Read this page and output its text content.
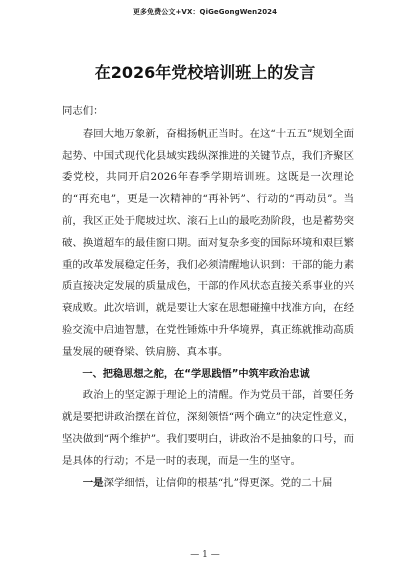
更多免费公文+VX：QiGeGongWen2024
在2026年党校培训班上的发言

同志们：

春回大地万象新，奋楫扬帆正当时。在这“十五五”规划全面起势、中国式现代化县域实践纵深推进的关键节点，我们齐聚区委党校，共同开启2026年春季学期培训班。这既是一次理论的“再充电”，更是一次精神的“再补钙”、行动的“再动员”。当前，我区正处于爬坡过坎、滚石上山的最吃劲阶段，也是蓄势突破、换道超车的最佳窗口期。面对复杂多变的国际环境和艰巨繁重的改革发展稳定任务，我们必须清醒地认识到：干部的能力素质直接决定发展的质量成色，干部的作风状态直接关系事业的兴衰成败。此次培训，就是要让大家在思想碰撞中找准方向，在经验交流中启迪智慧，在党性锤炼中升华境界，真正练就推动高质量发展的硬脊梁、铁肩膀、真本事。

一、把稳思想之舵，在“学思践悟”中筑牢政治忠诚

政治上的坚定源于理论上的清醒。作为党员干部，首要任务就是要把讲政治摆在首位，深刻领悟“两个确立”的决定性意义，坚决做到“两个维护”。我们要明白，讲政治不是抽象的口号，而是具体的行动；不是一时的表现，而是一生的坚守。

一是深学细悟，让信仰的根基“扎”得更深。党的二十届

— 1 —
